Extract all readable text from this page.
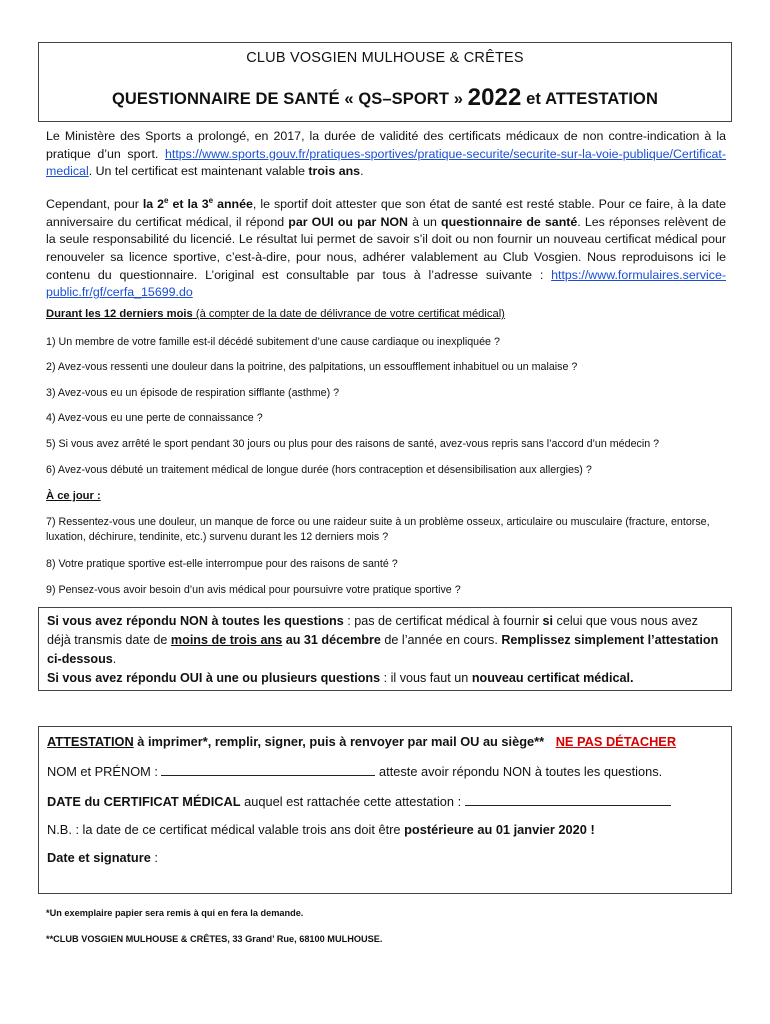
CLUB VOSGIEN MULHOUSE & CRÊTES
QUESTIONNAIRE DE SANTÉ « QS–SPORT » 2022 et ATTESTATION
Le Ministère des Sports a prolongé, en 2017, la durée de validité des certificats médicaux de non contre-indication à la pratique d’un sport. https://www.sports.gouv.fr/pratiques-sportives/pratique-securite/securite-sur-la-voie-publique/Certificat-medical. Un tel certificat est maintenant valable trois ans.
Cependant, pour la 2e et la 3e année, le sportif doit attester que son état de santé est resté stable. Pour ce faire, à la date anniversaire du certificat médical, il répond par OUI ou par NON à un questionnaire de santé. Les réponses relèvent de la seule responsabilité du licencié. Le résultat lui permet de savoir s’il doit ou non fournir un nouveau certificat médical pour renouveler sa licence sportive, c’est-à-dire, pour nous, adhérer valablement au Club Vosgien. Nous reproduisons ici le contenu du questionnaire. L’original est consultable par tous à l’adresse suivante : https://www.formulaires.service-public.fr/gf/cerfa_15699.do
Durant les 12 derniers mois (à compter de la date de délivrance de votre certificat médical)
1) Un membre de votre famille est-il décédé subitement d’une cause cardiaque ou inexpliquée ?
2) Avez-vous ressenti une douleur dans la poitrine, des palpitations, un essoufflement inhabituel ou un malaise ?
3) Avez-vous eu un épisode de respiration sifflante (asthme) ?
4) Avez-vous eu une perte de connaissance ?
5) Si vous avez arrêté le sport pendant 30 jours ou plus pour des raisons de santé, avez-vous repris sans l’accord d’un médecin ?
6) Avez-vous débuté un traitement médical de longue durée (hors contraception et désensibilisation aux allergies) ?
À ce jour :
7) Ressentez-vous une douleur, un manque de force ou une raideur suite à un problème osseux, articulaire ou musculaire (fracture, entorse, luxation, déchirure, tendinite, etc.) survenu durant les 12 derniers mois ?
8) Votre pratique sportive est-elle interrompue pour des raisons de santé ?
9) Pensez-vous avoir besoin d’un avis médical pour poursuivre votre pratique sportive ?
Si vous avez répondu NON à toutes les questions : pas de certificat médical à fournir si celui que vous nous avez déjà transmis date de moins de trois ans au 31 décembre de l’année en cours. Remplissez simplement l’attestation ci-dessous.
Si vous avez répondu OUI à une ou plusieurs questions : il vous faut un nouveau certificat médical.
ATTESTATION à imprimer*, remplir, signer, puis à renvoyer par mail OU au siège** NE PAS DÉTACHER
NOM et PRÉNOM :	atteste avoir répondu NON à toutes les questions.
DATE du CERTIFICAT MÉDICAL auquel est rattachée cette attestation :
N.B. : la date de ce certificat médical valable trois ans doit être postérieure au 01 janvier 2020 !
Date et signature :
*Un exemplaire papier sera remis à qui en fera la demande.
**CLUB VOSGIEN MULHOUSE & CRÊTES, 33 Grand’ Rue, 68100 MULHOUSE.
